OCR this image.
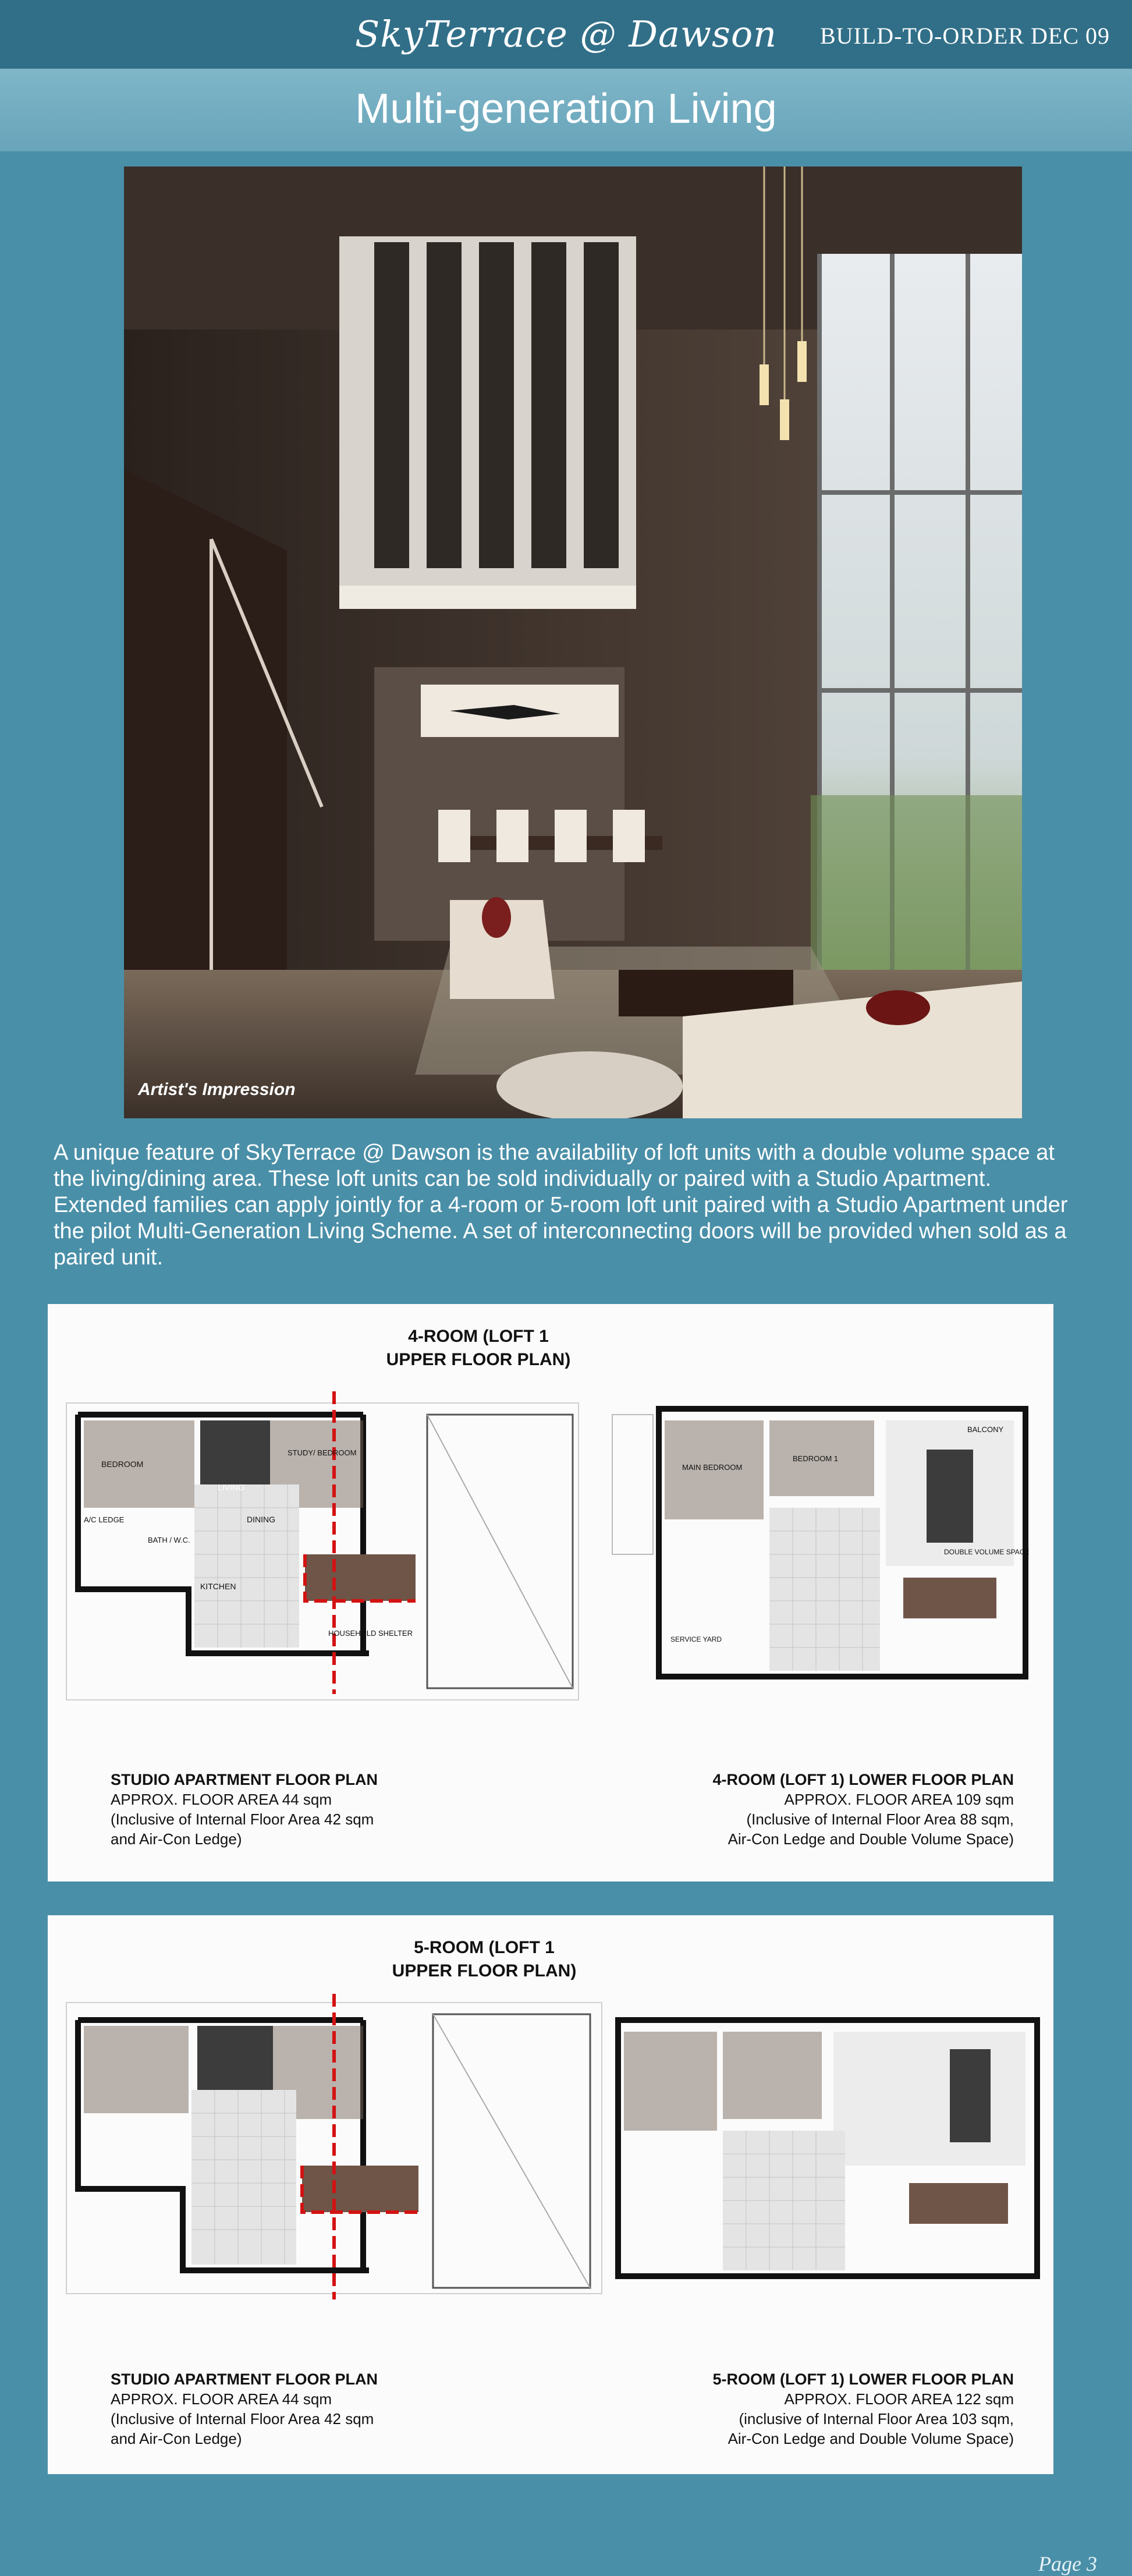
SkyTerrace @ Dawson	BUILD-TO-ORDER DEC 09
Multi-generation Living
Artist's Impression
A unique feature of SkyTerrace @ Dawson is the availability of loft units with a double volume space at the living/dining area. These loft units can be sold individually or paired with a Studio Apartment. Extended families can apply jointly for a 4-room or 5-room loft unit paired with a Studio Apartment under the pilot Multi-Generation Living Scheme. A set of interconnecting doors will be provided when sold as a paired unit.
4-ROOM (LOFT 1
UPPER FLOOR PLAN)
BEDROOM
LIVING
DINING
KITCHEN
BATH / W.C.
A/C LEDGE
STUDY/ BEDROOM
HOUSEHOLD SHELTER
MAIN BEDROOM
BEDROOM 1
BALCONY
DOUBLE VOLUME SPACE
SERVICE YARD
STUDIO APARTMENT FLOOR PLAN
APPROX. FLOOR AREA 44 sqm
(Inclusive of Internal Floor Area 42 sqm
and Air-Con Ledge)
4-ROOM (LOFT 1) LOWER FLOOR PLAN
APPROX. FLOOR AREA 109 sqm
(Inclusive of Internal Floor Area 88 sqm,
Air-Con Ledge and Double Volume Space)
5-ROOM (LOFT 1
UPPER FLOOR PLAN)
STUDIO APARTMENT FLOOR PLAN
APPROX. FLOOR AREA 44 sqm
(Inclusive of Internal Floor Area 42 sqm
and Air-Con Ledge)
5-ROOM (LOFT 1) LOWER FLOOR PLAN
APPROX. FLOOR AREA 122 sqm
(inclusive of Internal Floor Area 103 sqm,
Air-Con Ledge and Double Volume Space)
Page 3
